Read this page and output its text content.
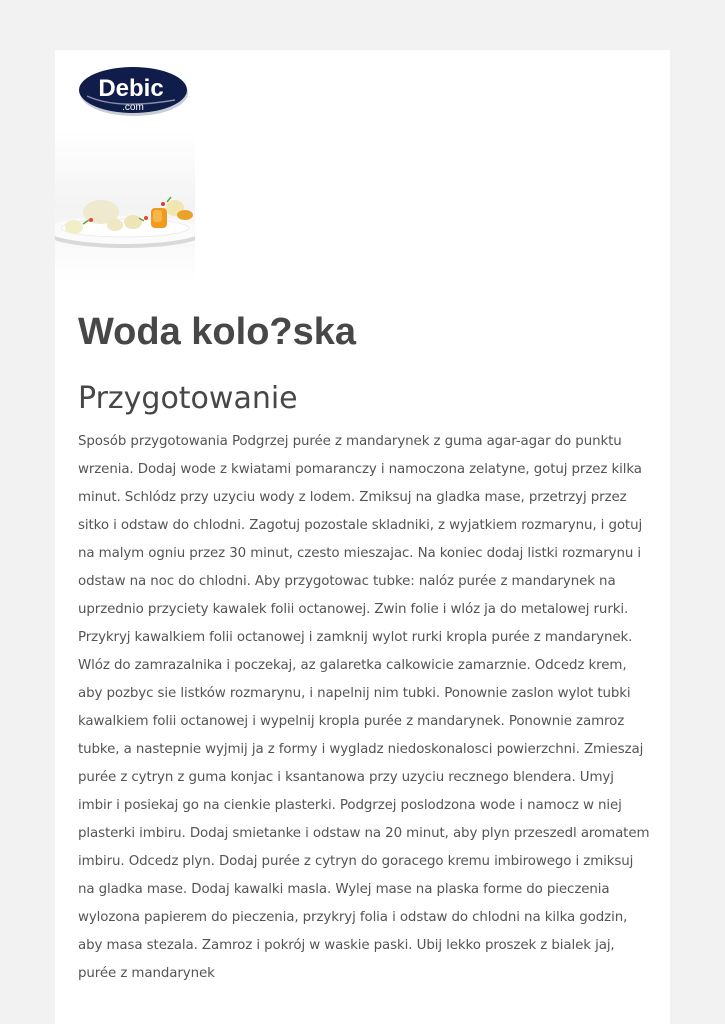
Debic
.com
Woda kolo?ska
Przygotowanie

Sposób przygotowania Podgrzej purée z mandarynek z guma agar-agar do punktu wrzenia. Dodaj wode z kwiatami pomaranczy i namoczona zelatyne, gotuj przez kilka minut. Schlódz przy uzyciu wody z lodem. Zmiksuj na gladka mase, przetrzyj przez sitko i odstaw do chlodni. Zagotuj pozostale skladniki, z wyjatkiem rozmarynu, i gotuj na malym ogniu przez 30 minut, czesto mieszajac. Na koniec dodaj listki rozmarynu i odstaw na noc do chlodni. Aby przygotowac tubke: nalóz purée z mandarynek na uprzednio przyciety kawalek folii octanowej. Zwin folie i wlóz ja do metalowej rurki. Przykryj kawalkiem folii octanowej i zamknij wylot rurki kropla purée z mandarynek. Wlóz do zamrazalnika i poczekaj, az galaretka calkowicie zamarznie. Odcedz krem, aby pozbyc sie listków rozmarynu, i napelnij nim tubki. Ponownie zaslon wylot tubki kawalkiem folii octanowej i wypelnij kropla purée z mandarynek. Ponownie zamroz tubke, a nastepnie wyjmij ja z formy i wygladz niedoskonalosci powierzchni. Zmieszaj purée z cytryn z guma konjac i ksantanowa przy uzyciu recznego blendera. Umyj imbir i posiekaj go na cienkie plasterki. Podgrzej poslodzona wode i namocz w niej plasterki imbiru. Dodaj smietanke i odstaw na 20 minut, aby plyn przeszedl aromatem imbiru. Odcedz plyn. Dodaj purée z cytryn do goracego kremu imbirowego i zmiksuj na gladka mase. Dodaj kawalki masla. Wylej mase na plaska forme do pieczenia wylozona papierem do pieczenia, przykryj folia i odstaw do chlodni na kilka godzin, aby masa stezala. Zamroz i pokrój w waskie paski. Ubij lekko proszek z bialek jaj, purée z mandarynek
